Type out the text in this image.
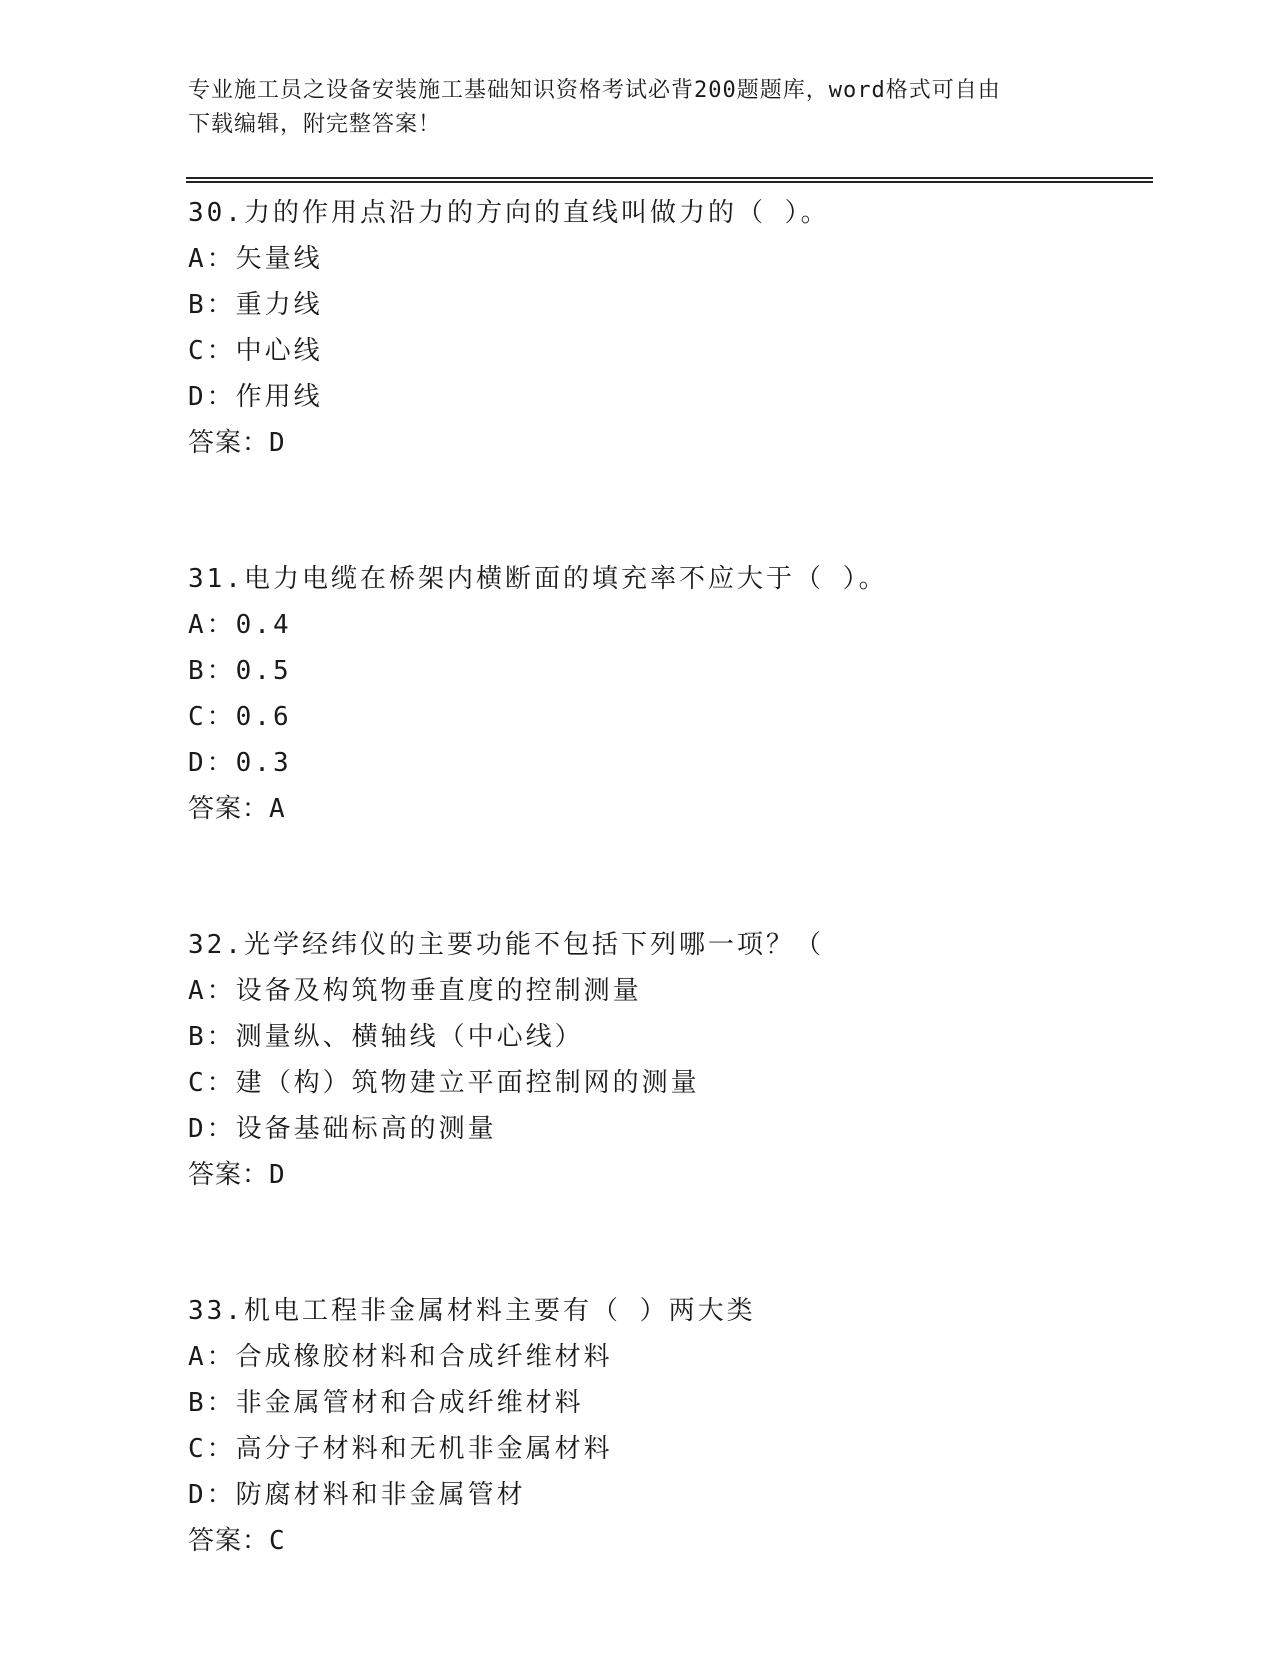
专业施工员之设备安装施工基础知识资格考试必背200题题库，word格式可自由
下载编辑，附完整答案！
30.力的作用点沿力的方向的直线叫做力的（ ）。
A：矢量线
B：重力线
C：中心线
D：作用线
答案：D
31.电力电缆在桥架内横断面的填充率不应大于（ ）。
A：0.4
B：0.5
C：0.6
D：0.3
答案：A
32.光学经纬仪的主要功能不包括下列哪一项？（
A：设备及构筑物垂直度的控制测量
B：测量纵、横轴线（中心线）
C：建（构）筑物建立平面控制网的测量
D：设备基础标高的测量
答案：D
33.机电工程非金属材料主要有（ ）两大类
A：合成橡胶材料和合成纤维材料
B：非金属管材和合成纤维材料
C：高分子材料和无机非金属材料
D：防腐材料和非金属管材
答案：C
